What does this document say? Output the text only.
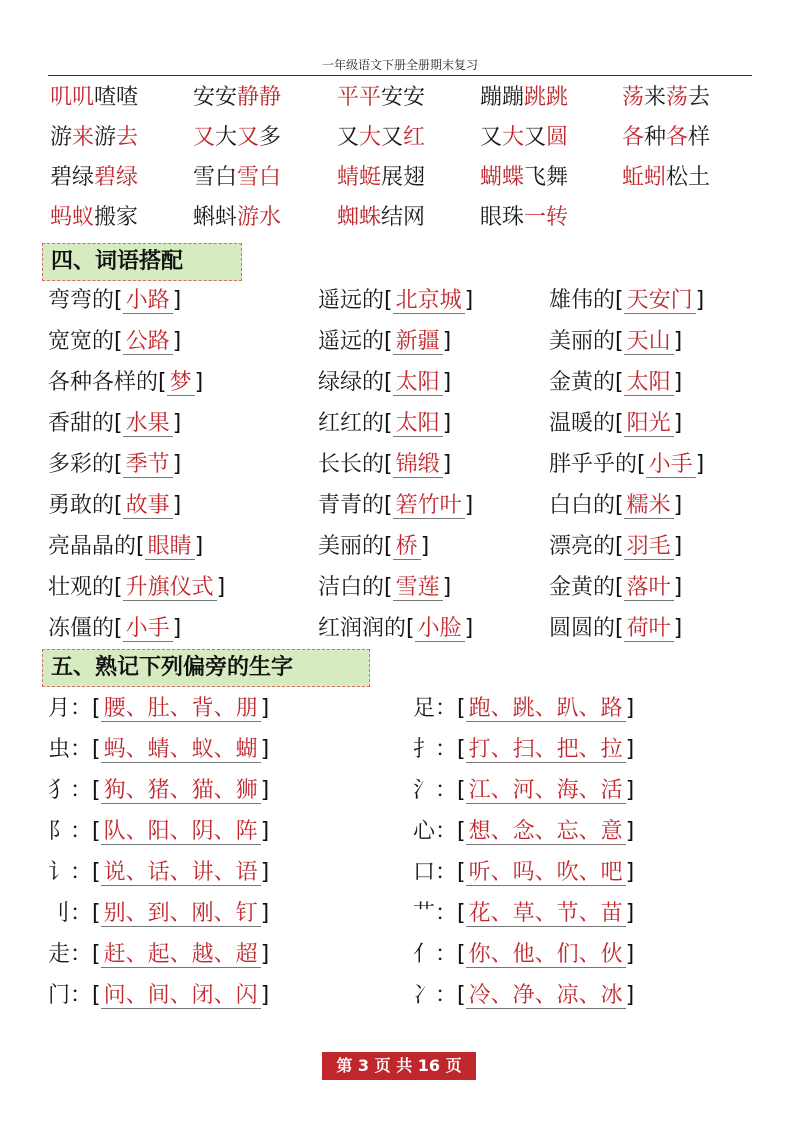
一年级语文下册全册期末复习
叽叽喳喳 安安静静	平平安安 蹦蹦跳跳 荡来荡去
游来游去 又大又多	又大又红 又大又圆 各种各样
碧绿碧绿 雪白雪白	蜻蜓展翅 蝴蝶飞舞 蚯蚓松土
蚂蚁搬家 蝌蚪游水	蜘蛛结网 眼珠一转
四、词语搭配
弯弯的[ 小路 ]	遥远的[ 北京城 ]	雄伟的[ 天安门 ]
宽宽的[ 公路 ]	遥远的[ 新疆 ]	美丽的[ 天山 ]
各种各样的[ 梦 ]	绿绿的[ 太阳 ]	金黄的[ 太阳 ]
香甜的[ 水果 ]	红红的[ 太阳 ]	温暖的[ 阳光 ]
多彩的[ 季节 ]	长长的[ 锦缎 ]	胖乎乎的[ 小手 ]
勇敢的[ 故事 ]	青青的[ 箬竹叶 ]	白白的[ 糯米 ]
亮晶晶的[ 眼睛 ]	美丽的[ 桥 ]	漂亮的[ 羽毛 ]
壮观的[ 升旗仪式 ]	洁白的[ 雪莲 ]	金黄的[ 落叶 ]
冻僵的[ 小手 ]	红润润的[ 小脸 ]	圆圆的[ 荷叶 ]
五、熟记下列偏旁的生字
月：[ 腰、肚、背、朋 ]	足：[ 跑、跳、趴、路 ]
虫：[ 蚂、蜻、蚁、蝴 ]	扌：[ 打、扫、把、拉 ]
犭：[ 狗、猪、猫、狮 ]	氵：[ 江、河、海、活 ]
阝：[ 队、阳、阴、阵 ]	心：[ 想、念、忘、意 ]
讠：[ 说、话、讲、语 ]	口：[ 听、吗、吹、吧 ]
刂：[ 别、到、刚、钉 ]	艹：[ 花、草、节、苗 ]
走：[ 赶、起、越、超 ]	亻：[ 你、他、们、伙 ]
门：[ 问、间、闭、闪 ]	冫：[ 冷、净、凉、冰 ]
第 3 页 共 16 页
